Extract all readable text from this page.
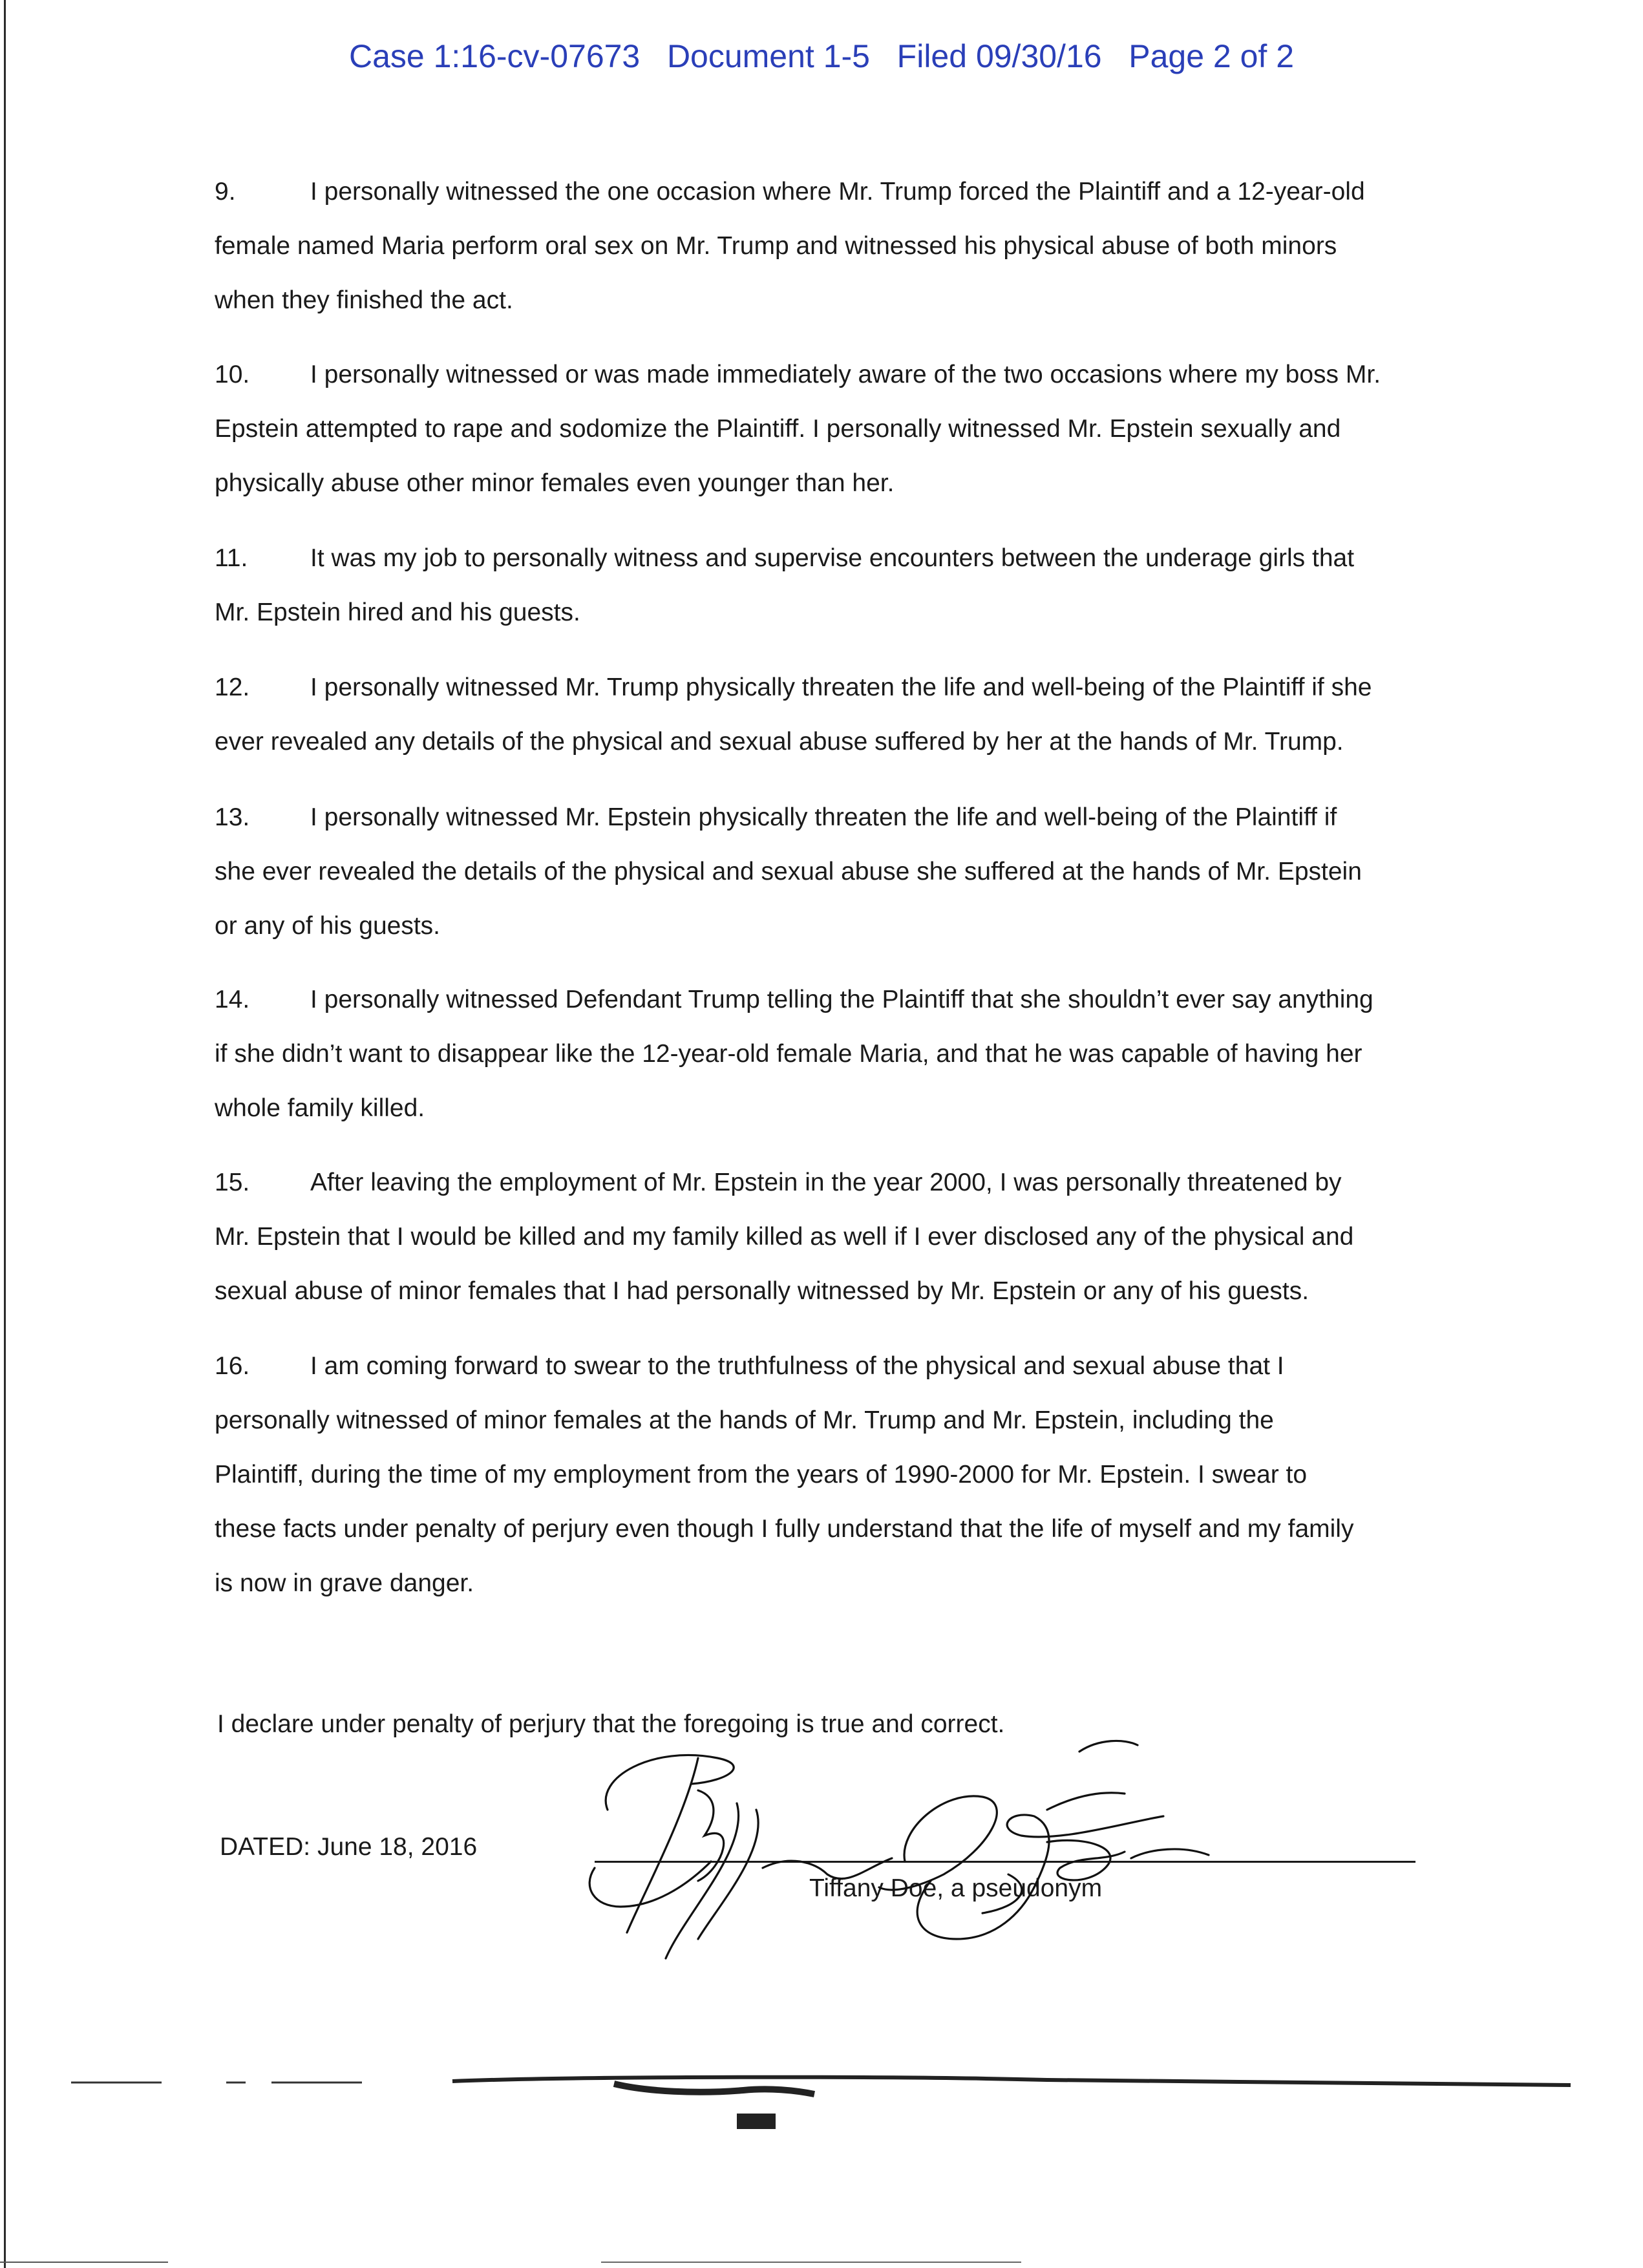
Case 1:16-cv-07673 Document 1-5 Filed 09/30/16 Page 2 of 2
9.	I personally witnessed the one occasion where Mr. Trump forced the Plaintiff and a 12-year-old
female named Maria perform oral sex on Mr. Trump and witnessed his physical abuse of both minors
when they finished the act.
10. I personally witnessed or was made immediately aware of the two occasions where my boss Mr.
Epstein attempted to rape and sodomize the Plaintiff. I personally witnessed Mr. Epstein sexually and
physically abuse other minor females even younger than her.
11. It was my job to personally witness and supervise encounters between the underage girls that
Mr. Epstein hired and his guests.
12. I personally witnessed Mr. Trump physically threaten the life and well-being of the Plaintiff if she
ever revealed any details of the physical and sexual abuse suffered by her at the hands of Mr. Trump.
13. I personally witnessed Mr. Epstein physically threaten the life and well-being of the Plaintiff if
she ever revealed the details of the physical and sexual abuse she suffered at the hands of Mr. Epstein
or any of his guests.
14. I personally witnessed Defendant Trump telling the Plaintiff that she shouldn’t ever say anything
if she didn’t want to disappear like the 12-year-old female Maria, and that he was capable of having her
whole family killed.
15. After leaving the employment of Mr. Epstein in the year 2000, I was personally threatened by
Mr. Epstein that I would be killed and my family killed as well if I ever disclosed any of the physical and
sexual abuse of minor females that I had personally witnessed by Mr. Epstein or any of his guests.
16. I am coming forward to swear to the truthfulness of the physical and sexual abuse that I
personally witnessed of minor females at the hands of Mr. Trump and Mr. Epstein, including the
Plaintiff, during the time of my employment from the years of 1990-2000 for Mr. Epstein. I swear to
these facts under penalty of perjury even though I fully understand that the life of myself and my family
is now in grave danger.
I declare under penalty of perjury that the foregoing is true and correct.
DATED: June 18, 2016
Tiffany Doe, a pseudonym
